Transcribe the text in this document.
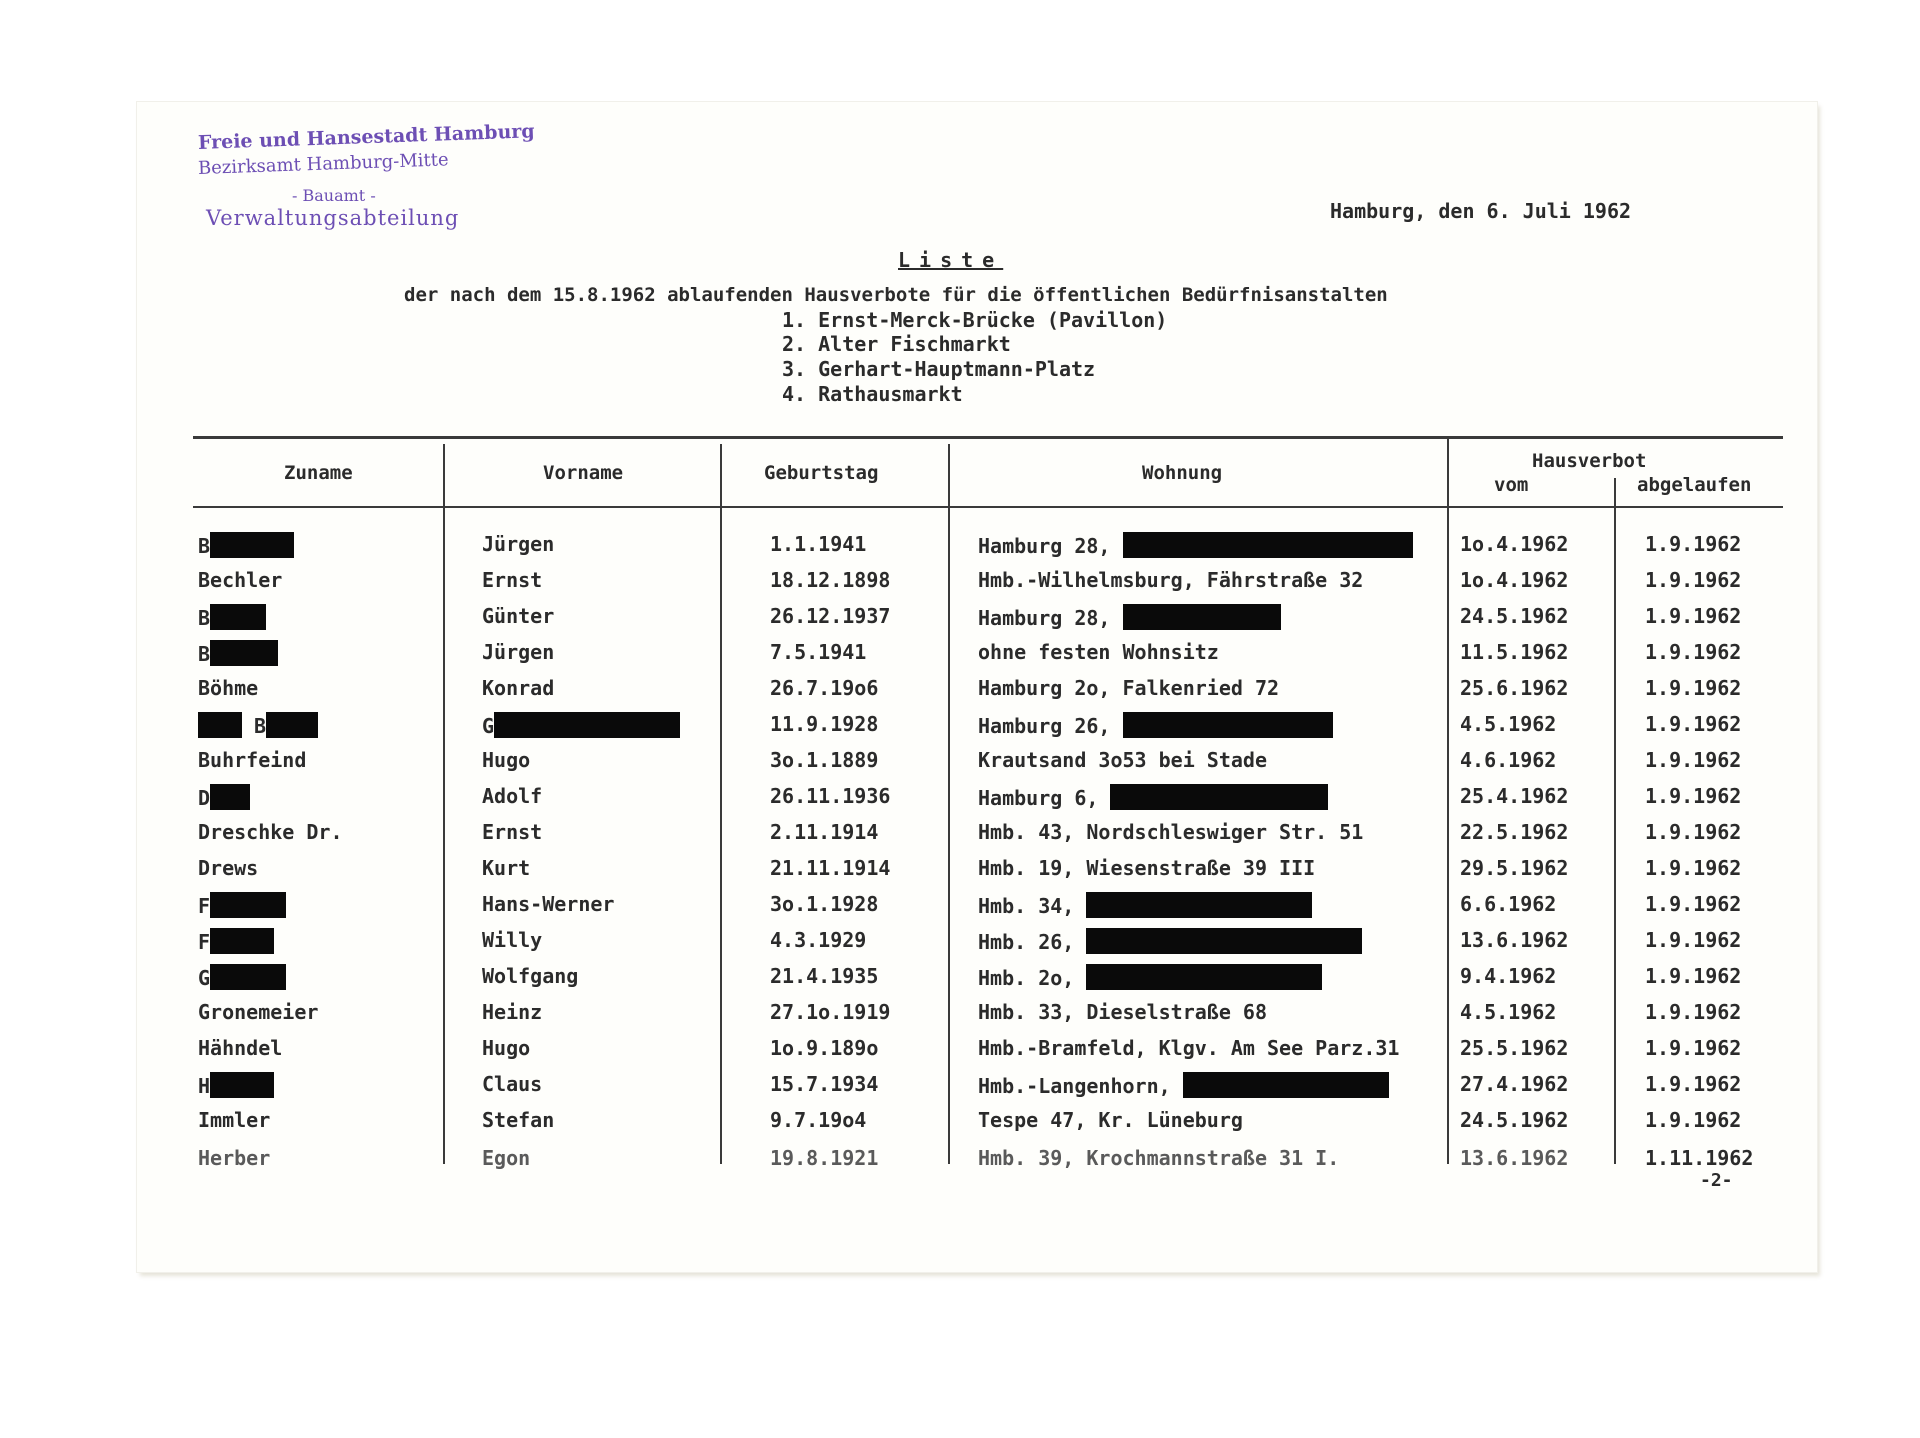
Freie und Hansestadt Hamburg
Bezirksamt Hamburg-Mitte
- Bauamt -
Verwaltungsabteilung	Hamburg, den 6. Juli 1962
Liste
der nach dem 15.8.1962 ablaufenden Hausverbote für die öffentlichen Bedürfnisanstalten
1. Ernst-Merck-Brücke (Pavillon)
2. Alter Fischmarkt
3. Gerhart-Hauptmann-Platz
4. Rathausmarkt
Zuname	Vorname	Geburtstag	Wohnung
Hausverbot
vom	abgelaufen
B	Jürgen	1.1.1941	Hamburg 28,	1o.4.1962	1.9.1962
Bechler	Ernst	18.12.1898	Hmb.-Wilhelmsburg, Fährstraße 32	1o.4.1962	1.9.1962
B	Günter	26.12.1937	Hamburg 28,	24.5.1962	1.9.1962
B	Jürgen	7.5.1941	ohne festen Wohnsitz	11.5.1962	1.9.1962
Böhme	Konrad	26.7.19o6	Hamburg 2o, Falkenried 72	25.6.1962	1.9.1962
B	G	11.9.1928	Hamburg 26,	4.5.1962	1.9.1962
Buhrfeind	Hugo	3o.1.1889	Krautsand 3o53 bei Stade	4.6.1962	1.9.1962
D	Adolf	26.11.1936	Hamburg 6,	25.4.1962	1.9.1962
Dreschke Dr.	Ernst	2.11.1914	Hmb. 43, Nordschleswiger Str. 51	22.5.1962	1.9.1962
Drews	Kurt	21.11.1914	Hmb. 19, Wiesenstraße 39 III	29.5.1962	1.9.1962
F	Hans-Werner	3o.1.1928	Hmb. 34,	6.6.1962	1.9.1962
F	Willy	4.3.1929	Hmb. 26,	13.6.1962	1.9.1962
G	Wolfgang	21.4.1935	Hmb. 2o,	9.4.1962	1.9.1962
Gronemeier	Heinz	27.1o.1919	Hmb. 33, Dieselstraße 68	4.5.1962	1.9.1962
Hähndel	Hugo	1o.9.189o	Hmb.-Bramfeld, Klgv. Am See Parz.31	25.5.1962	1.9.1962
H	Claus	15.7.1934	Hmb.-Langenhorn,	27.4.1962	1.9.1962
Immler	Stefan	9.7.19o4	Tespe 47, Kr. Lüneburg	24.5.1962	1.9.1962
Herber	Egon	19.8.1921	Hmb. 39, Krochmannstraße 31 I.	13.6.1962	1.11.1962
-2-
